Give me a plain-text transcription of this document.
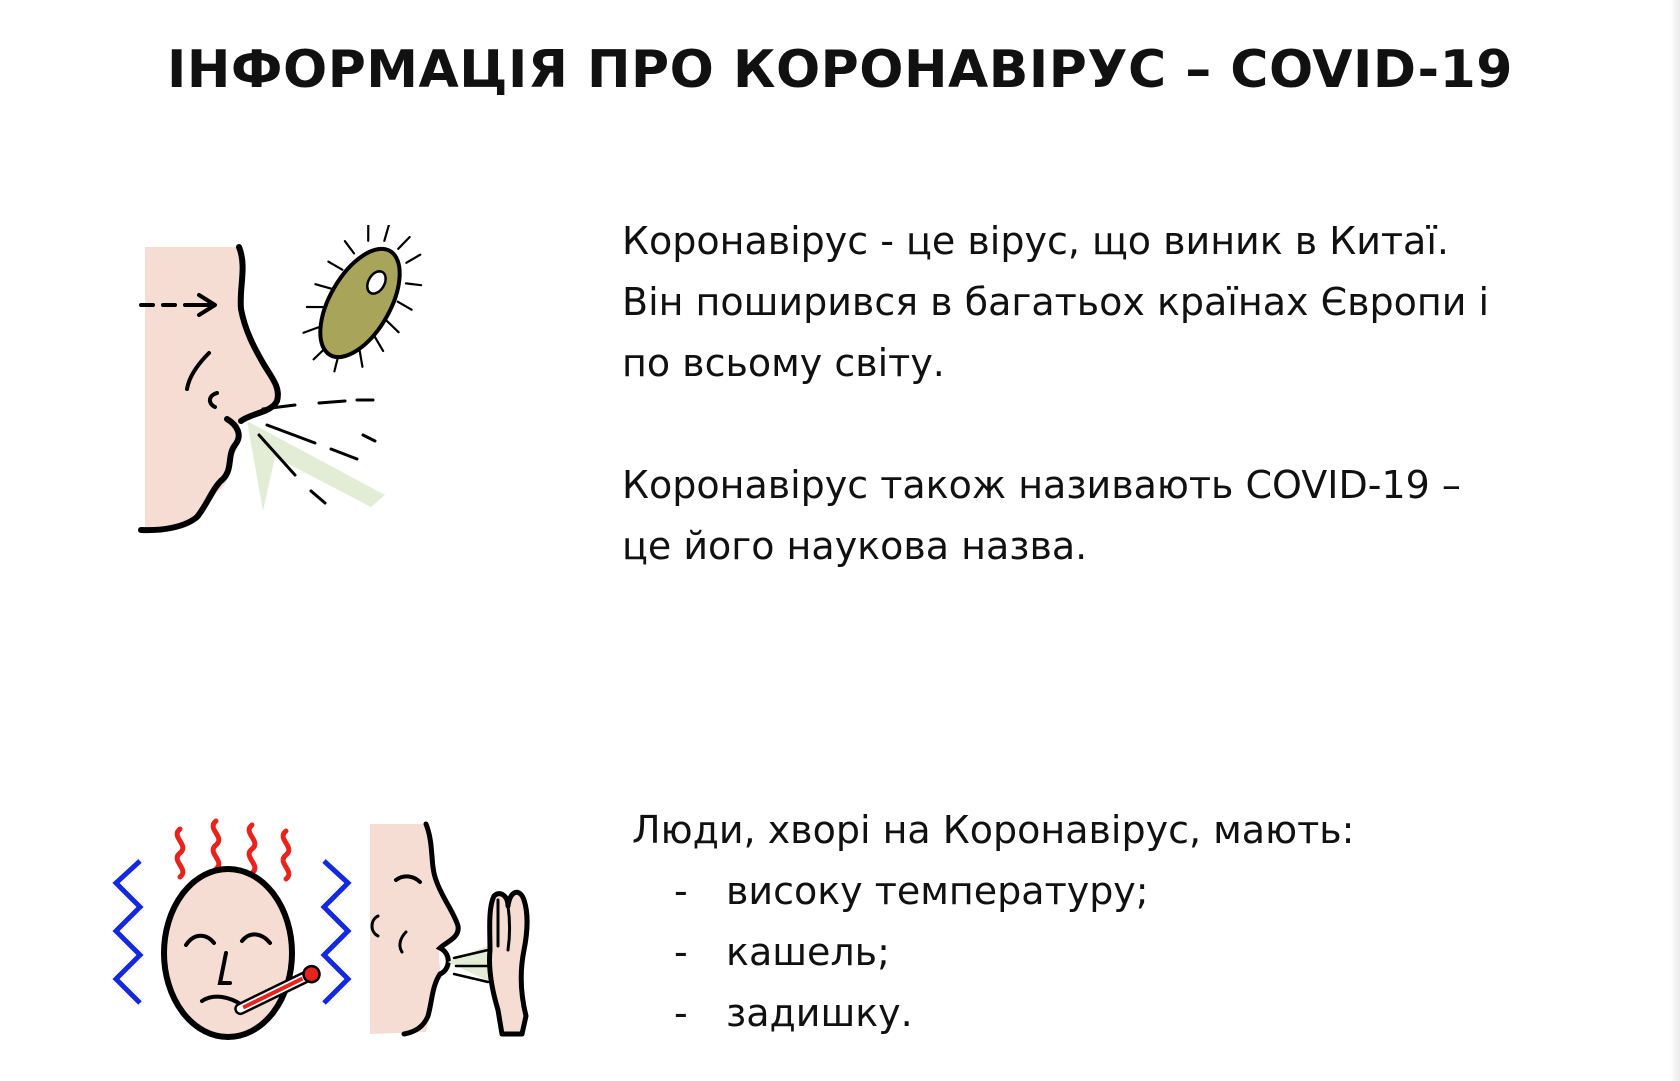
ІНФОРМАЦІЯ ПРО КОРОНАВІРУС – COVID-19

Коронавірус - це вірус, що виник в Китаї.
Він поширився в багатьох країнах Європи і
по всьому світу.

Коронавірус також називають COVID-19 –
це його наукова назва.

Люди, хворі на Коронавірус, мають:

- високу температуру;
- кашель;
- задишку.
